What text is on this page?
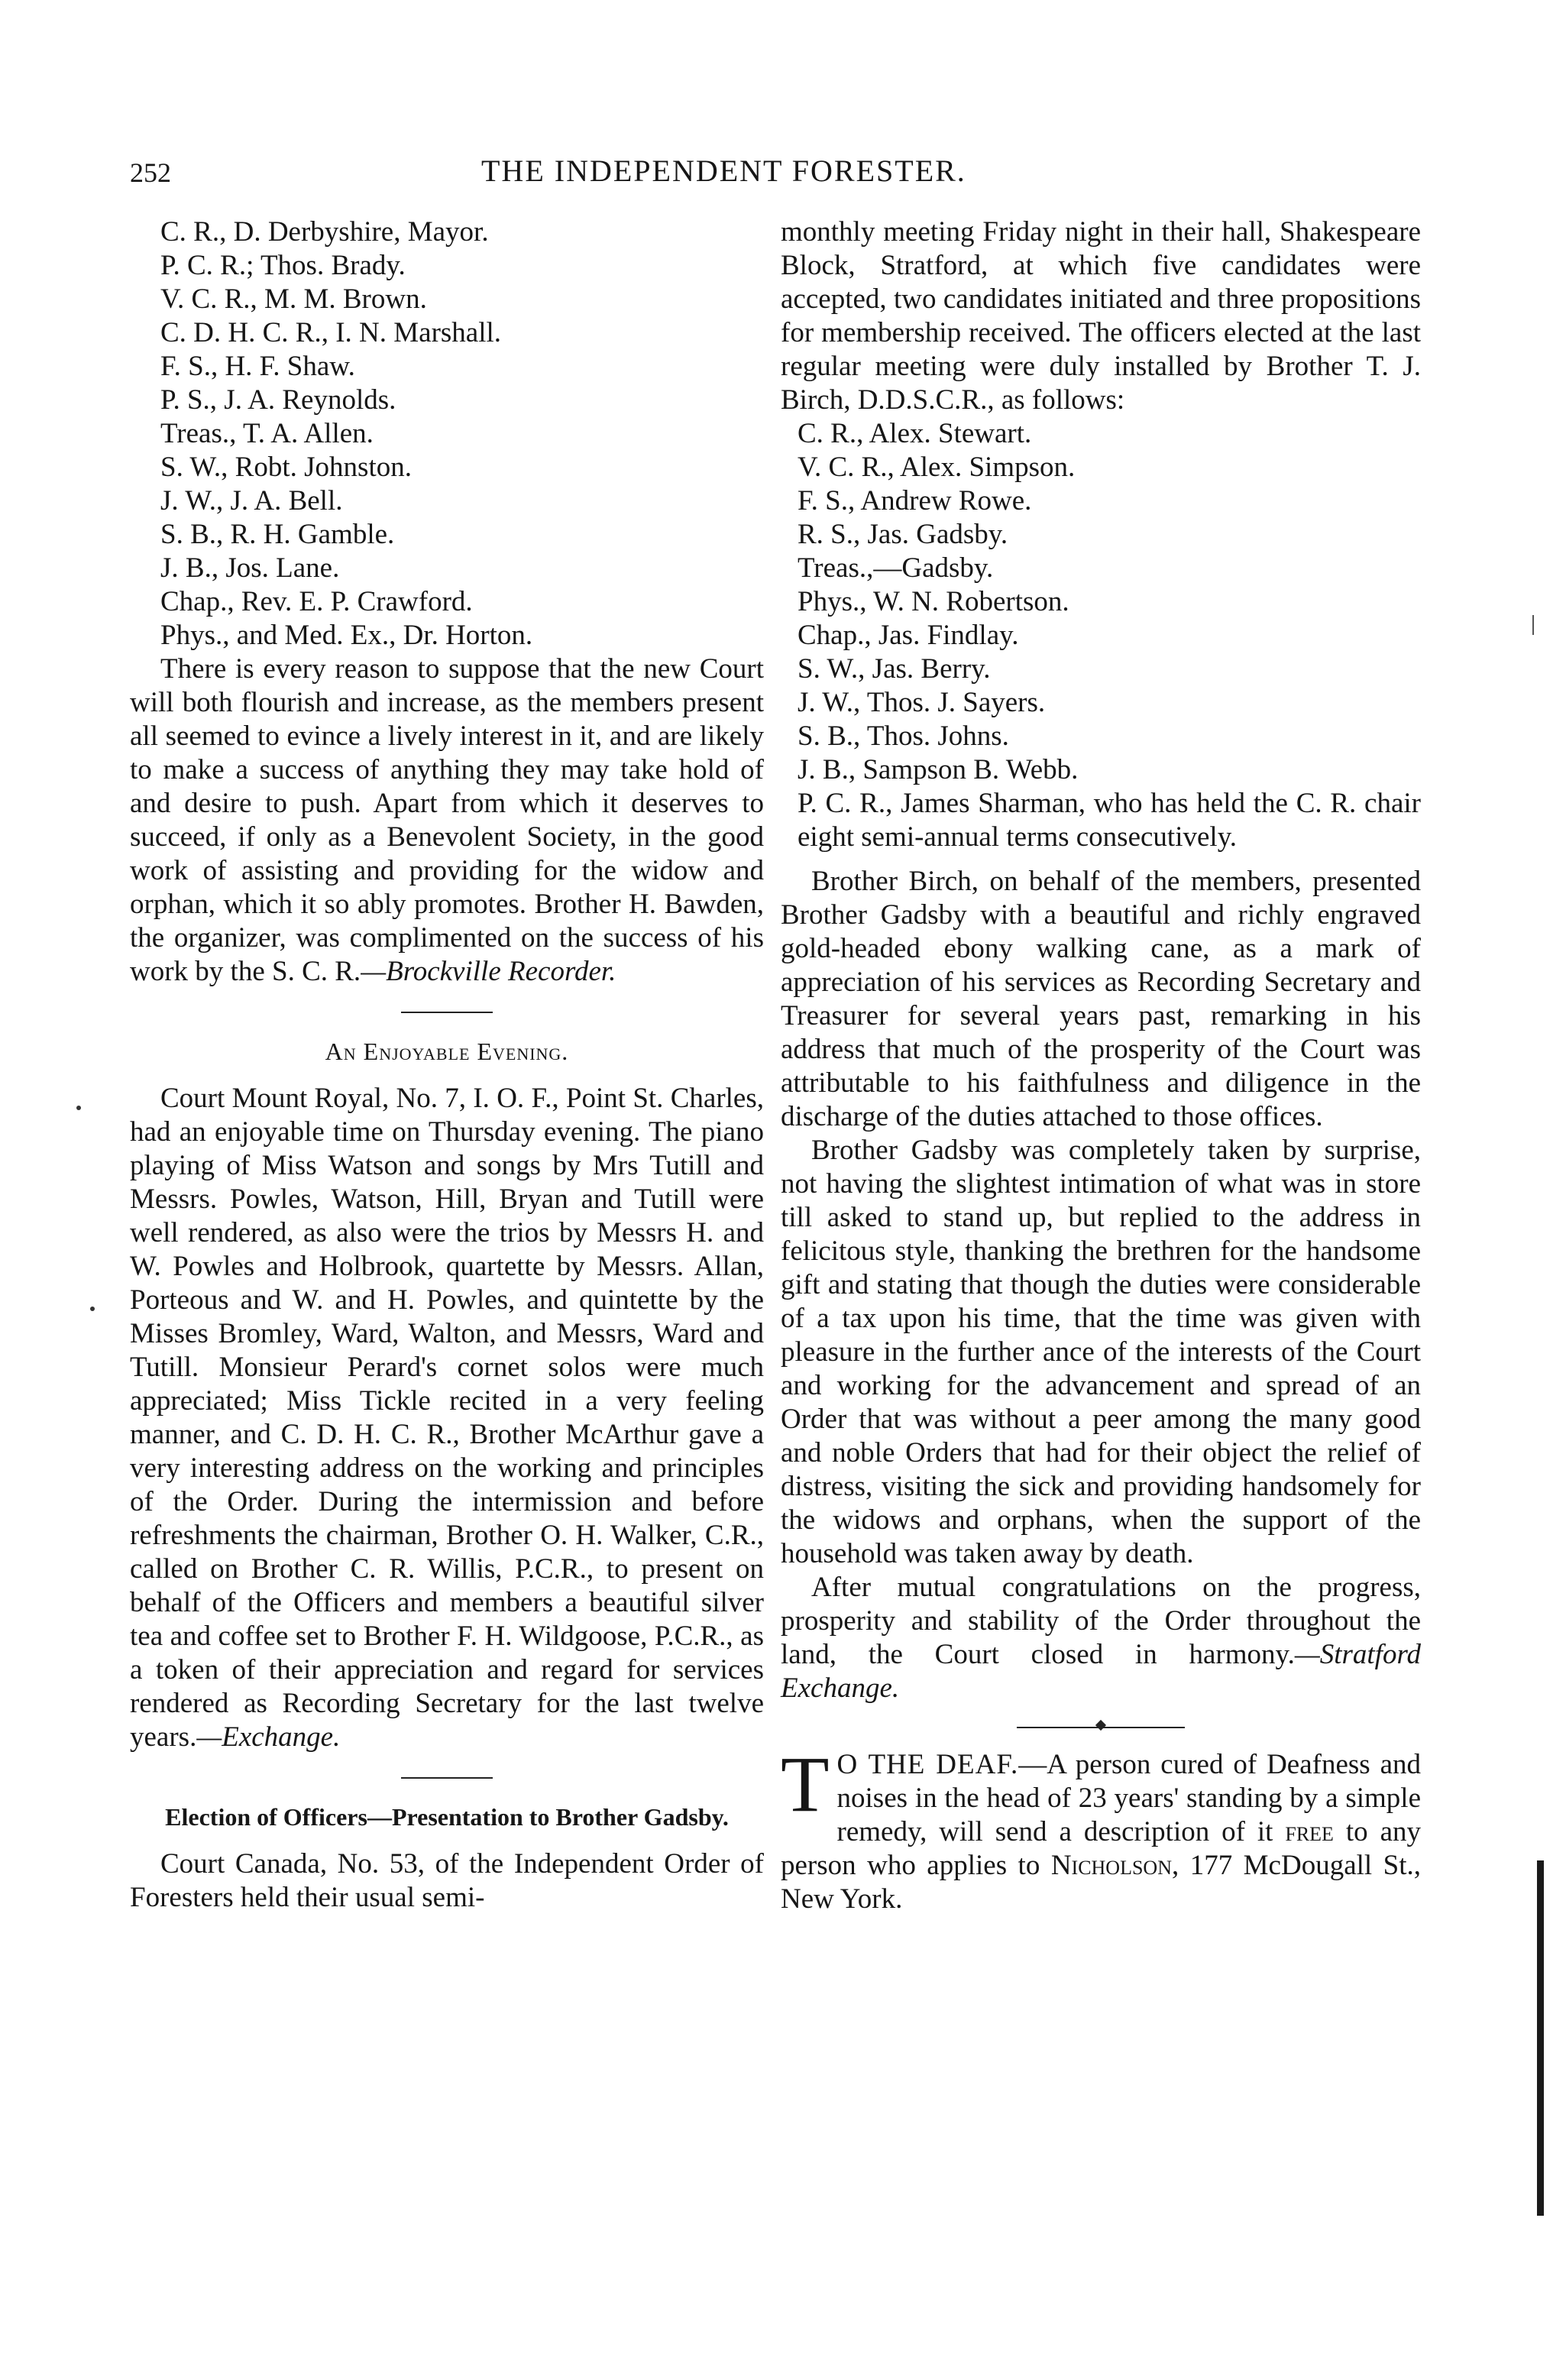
252	THE INDEPENDENT FORESTER.
C. R., D. Derbyshire, Mayor.
P. C. R.; Thos. Brady.
V. C. R., M. M. Brown.
C. D. H. C. R., I. N. Marshall.
F. S., H. F. Shaw.
P. S., J. A. Reynolds.
Treas., T. A. Allen.
S. W., Robt. Johnston.
J. W., J. A. Bell.
S. B., R. H. Gamble.
J. B., Jos. Lane.
Chap., Rev. E. P. Crawford.
Phys., and Med. Ex., Dr. Horton.

There is every reason to suppose that the new Court will both flourish and increase, as the members present all seemed to evince a lively interest in it, and are likely to make a success of anything they may take hold of and desire to push. Apart from which it deserves to succeed, if only as a Benevolent Society, in the good work of assisting and providing for the widow and orphan, which it so ably promotes. Brother H. Bawden, the organizer, was complimented on the success of his work by the S. C. R.—Brockville Recorder.

An Enjoyable Evening.

Court Mount Royal, No. 7, I. O. F., Point St. Charles, had an enjoyable time on Thursday evening. The piano playing of Miss Watson and songs by Mrs Tutill and Messrs. Powles, Watson, Hill, Bryan and Tutill were well rendered, as also were the trios by Messrs H. and W. Powles and Holbrook, quartette by Messrs. Allan, Porteous and W. and H. Powles, and quintette by the Misses Bromley, Ward, Walton, and Messrs, Ward and Tutill. Monsieur Perard's cornet solos were much appreciated; Miss Tickle recited in a very feeling manner, and C. D. H. C. R., Brother McArthur gave a very interesting address on the working and principles of the Order. During the intermission and before refreshments the chairman, Brother O. H. Walker, C.R., called on Brother C. R. Willis, P.C.R., to present on behalf of the Officers and members a beautiful silver tea and coffee set to Brother F. H. Wildgoose, P.C.R., as a token of their appreciation and regard for services rendered as Recording Secretary for the last twelve years.—Exchange.

Election of Officers—Presentation to Brother Gadsby.

Court Canada, No. 53, of the Independent Order of Foresters held their usual semi-

monthly meeting Friday night in their hall, Shakespeare Block, Stratford, at which five candidates were accepted, two candidates initiated and three propositions for membership received. The officers elected at the last regular meeting were duly installed by Brother T. J. Birch, D.D.S.C.R., as follows:

C. R., Alex. Stewart.
V. C. R., Alex. Simpson.
F. S., Andrew Rowe.
R. S., Jas. Gadsby.
Treas.,—Gadsby.
Phys., W. N. Robertson.
Chap., Jas. Findlay.
S. W., Jas. Berry.
J. W., Thos. J. Sayers.
S. B., Thos. Johns.
J. B., Sampson B. Webb.

P. C. R., James Sharman, who has held the C. R. chair eight semi-annual terms consecutively.

Brother Birch, on behalf of the members, presented Brother Gadsby with a beautiful and richly engraved gold-headed ebony walking cane, as a mark of appreciation of his services as Recording Secretary and Treasurer for several years past, remarking in his address that much of the prosperity of the Court was attributable to his faithfulness and diligence in the discharge of the duties attached to those offices.

Brother Gadsby was completely taken by surprise, not having the slightest intimation of what was in store till asked to stand up, but replied to the address in felicitous style, thanking the brethren for the handsome gift and stating that though the duties were considerable of a tax upon his time, that the time was given with pleasure in the further ance of the interests of the Court and working for the advancement and spread of an Order that was without a peer among the many good and noble Orders that had for their object the relief of distress, visiting the sick and providing handsomely for the widows and orphans, when the support of the household was taken away by death.

After mutual congratulations on the progress, prosperity and stability of the Order throughout the land, the Court closed in harmony.—Stratford Exchange.

T O THE DEAF.—A person cured of Deafness and noises in the head of 23 years' standing by a simple remedy, will send a description of it free to any person who applies to Nicholson, 177 McDougall St., New York.
